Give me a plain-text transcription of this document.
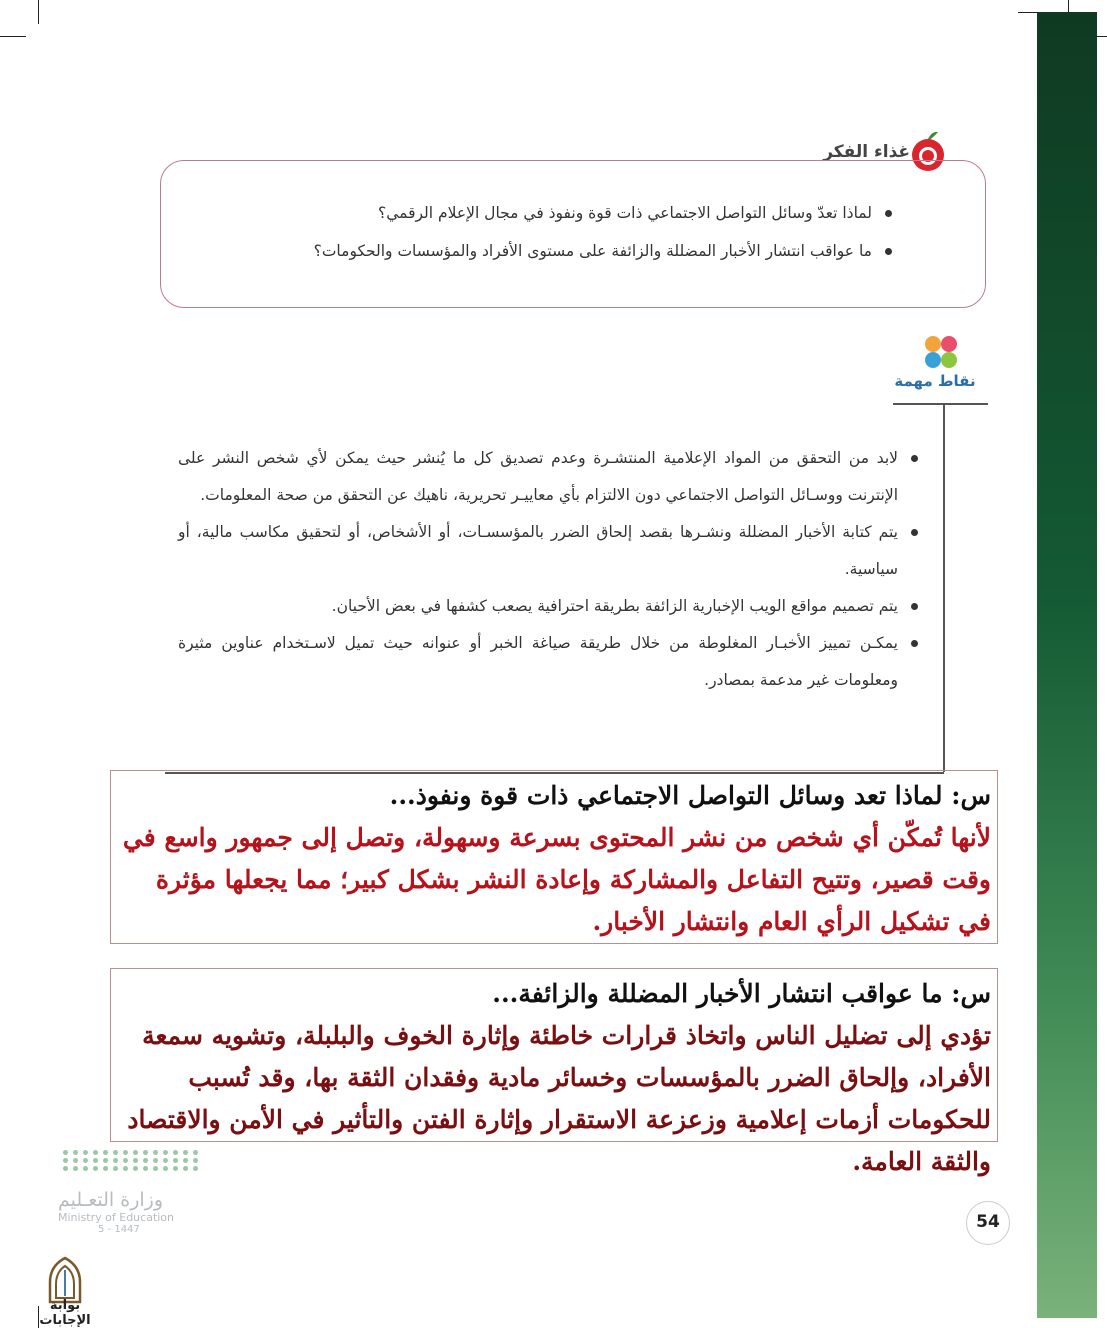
غذاء الفكر
لماذا تعدّ وسائل التواصل الاجتماعي ذات قوة ونفوذ في مجال الإعلام الرقمي؟
ما عواقب انتشار الأخبار المضللة والزائفة على مستوى الأفراد والمؤسسات والحكومات؟
نقاط مهمة
لابد من التحقق من المواد الإعلامية المنتشـرة وعدم تصديق كل ما يُنشر حيث يمكن لأي شخص النشر على الإنترنت ووسـائل التواصل الاجتماعي دون الالتزام بأي معاييـر تحريرية، ناهيك عن التحقق من صحة المعلومات.
يتم كتابة الأخبار المضللة ونشـرها بقصد إلحاق الضرر بالمؤسسـات، أو الأشخاص، أو لتحقيق مكاسب مالية، أو سياسية.
يتم تصميم مواقع الويب الإخبارية الزائفة بطريقة احترافية يصعب كشفها في بعض الأحيان.
يمكـن تمييز الأخبـار المغلوطة من خلال طريقة صياغة الخبر أو عنوانه حيث تميل لاسـتخدام عناوين مثيرة ومعلومات غير مدعمة بمصادر.
س: لماذا تعد وسائل التواصل الاجتماعي ذات قوة ونفوذ...
لأنها تُمكّن أي شخص من نشر المحتوى بسرعة وسهولة، وتصل إلى جمهور واسع في وقت قصير، وتتيح التفاعل والمشاركة وإعادة النشر بشكل كبير؛ مما يجعلها مؤثرة في تشكيل الرأي العام وانتشار الأخبار.
س: ما عواقب انتشار الأخبار المضللة والزائفة...
تؤدي إلى تضليل الناس واتخاذ قرارات خاطئة وإثارة الخوف والبلبلة، وتشويه سمعة الأفراد، وإلحاق الضرر بالمؤسسات وخسائر مادية وفقدان الثقة بها، وقد تُسبب للحكومات أزمات إعلامية وزعزعة الاستقرار وإثارة الفتن والتأثير في الأمن والاقتصاد والثقة العامة.
وزارة التعـليم
Ministry of Education
5 - 1447	54
بوابة الإجابات
